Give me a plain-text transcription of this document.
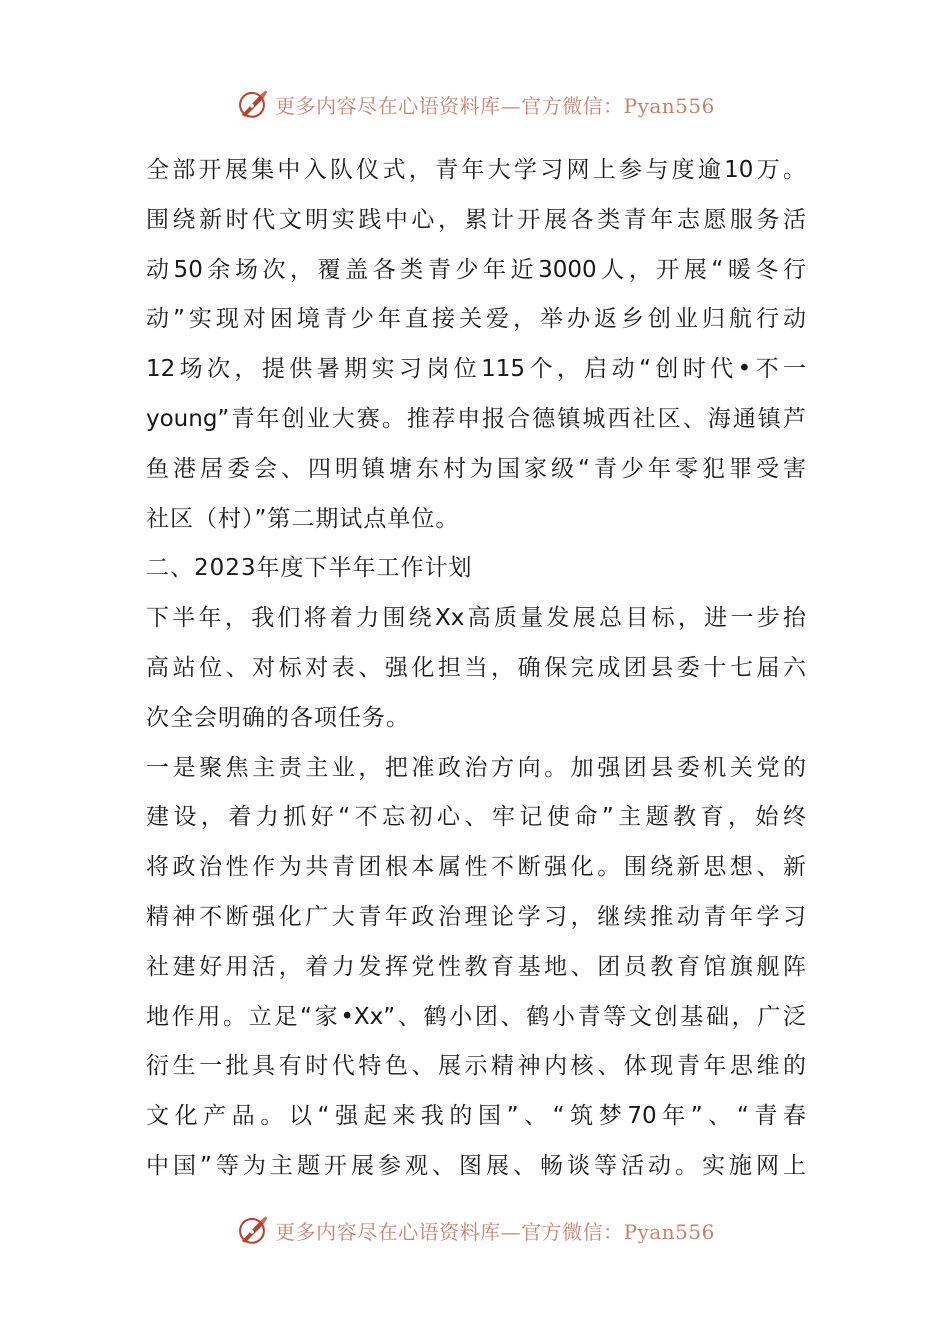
更多内容尽在心语资料库—官方微信：Pyan556
全部开展集中入队仪式，青年大学习网上参与度逾10万。
围绕新时代文明实践中心，累计开展各类青年志愿服务活
动50余场次，覆盖各类青少年近3000人，开展“暖冬行
动”实现对困境青少年直接关爱，举办返乡创业归航行动
12场次，提供暑期实习岗位115个，启动“创时代•不一
young”青年创业大赛。推荐申报合德镇城西社区、海通镇芦
鱼港居委会、四明镇塘东村为国家级“青少年零犯罪受害
社区（村）”第二期试点单位。
二、2023年度下半年工作计划
下半年，我们将着力围绕Xx高质量发展总目标，进一步抬
高站位、对标对表、强化担当，确保完成团县委十七届六
次全会明确的各项任务。
一是聚焦主责主业，把准政治方向。加强团县委机关党的
建设，着力抓好“不忘初心、牢记使命”主题教育，始终
将政治性作为共青团根本属性不断强化。围绕新思想、新
精神不断强化广大青年政治理论学习，继续推动青年学习
社建好用活，着力发挥党性教育基地、团员教育馆旗舰阵
地作用。立足“家•Xx”、鹤小团、鹤小青等文创基础，广泛
衍生一批具有时代特色、展示精神内核、体现青年思维的
文化产品。以“强起来我的国”、“筑梦70年”、“青春
中国”等为主题开展参观、图展、畅谈等活动。实施网上
更多内容尽在心语资料库—官方微信：Pyan556
